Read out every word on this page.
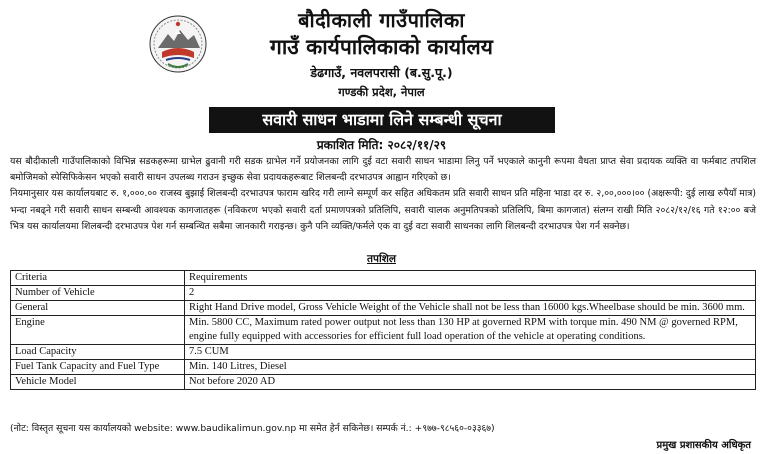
बौदीकाली गाउँपालिका
गाउँ कार्यपालिकाको कार्यालय
डेढगाउँ, नवलपरासी (ब.सु.पू.)
गण्डकी प्रदेश, नेपाल
सवारी साधन भाडामा लिने सम्बन्धी सूचना
प्रकाशित मिति: २०८२/११/२९

यस बौदीकाली गाउँपालिकाको विभिन्न सडकहरूमा ग्राभेल ढुवानी गरी सडक ग्राभेल गर्ने प्रयोजनका लागि दुई वटा सवारी साधन भाडामा लिनु पर्ने भएकाले कानुनी रूपमा वैधता प्राप्त सेवा प्रदायक व्यक्ति वा फर्मबाट तपशिल बमोजिमको स्पेसिफिकेसन भएको सवारी साधन उपलब्ध गराउन इच्छुक सेवा प्रदायकहरूबाट शिलबन्दी दरभाउपत्र आह्वान गरिएको छ।

नियमानुसार यस कार्यालयबाट रु. १,०००.०० राजस्व बुझाई शिलबन्दी दरभाउपत्र फाराम खरिद गरी लाग्ने सम्पूर्ण कर सहित अधिकतम प्रति सवारी साधन प्रति महिना भाडा दर रु. २,००,०००।०० (अक्षरूपी: दुई लाख रुपैयाँ मात्र) भन्दा नबढ्ने गरी सवारी साधन सम्बन्धी आवश्यक कागजातहरू (नविकरण भएको सवारी दर्ता प्रमाणपत्रको प्रतिलिपि, सवारी चालक अनुमतिपत्रको प्रतिलिपि, बिमा कागजात) संलग्न राखी मिति २०८२/१२/१६ गते १२:०० बजे भित्र यस कार्यालयमा शिलबन्दी दरभाउपत्र पेश गर्न सम्बन्धित सबैमा जानकारी गराइन्छ। कुनै पनि व्यक्ति/फर्मले एक वा दुई वटा सवारी साधनका लागि शिलबन्दी दरभाउपत्र पेश गर्न सक्नेछ।

तपशिल
Criteria	Requirements
Number of Vehicle	2
General	Right Hand Drive model, Gross Vehicle Weight of the Vehicle shall not be less than 16000 kgs.Wheelbase should be min. 3600 mm.
Engine	Min. 5800 CC, Maximum rated power output not less than 130 HP at governed RPM with torque min. 490 NM @ governed RPM, engine fully equipped with accessories for efficient full load operation of the vehicle at operating conditions.
Load Capacity	7.5 CUM
Fuel Tank Capacity and Fuel Type	Min. 140 Litres, Diesel
Vehicle Model	Not before 2020 AD
(नोट: विस्तृत सूचना यस कार्यालयको website: www.baudikalimun.gov.np मा समेत हेर्न सकिनेछ। सम्पर्क नं.: +९७७-९८५६०-०३३६७)
प्रमुख प्रशासकीय अधिकृत
